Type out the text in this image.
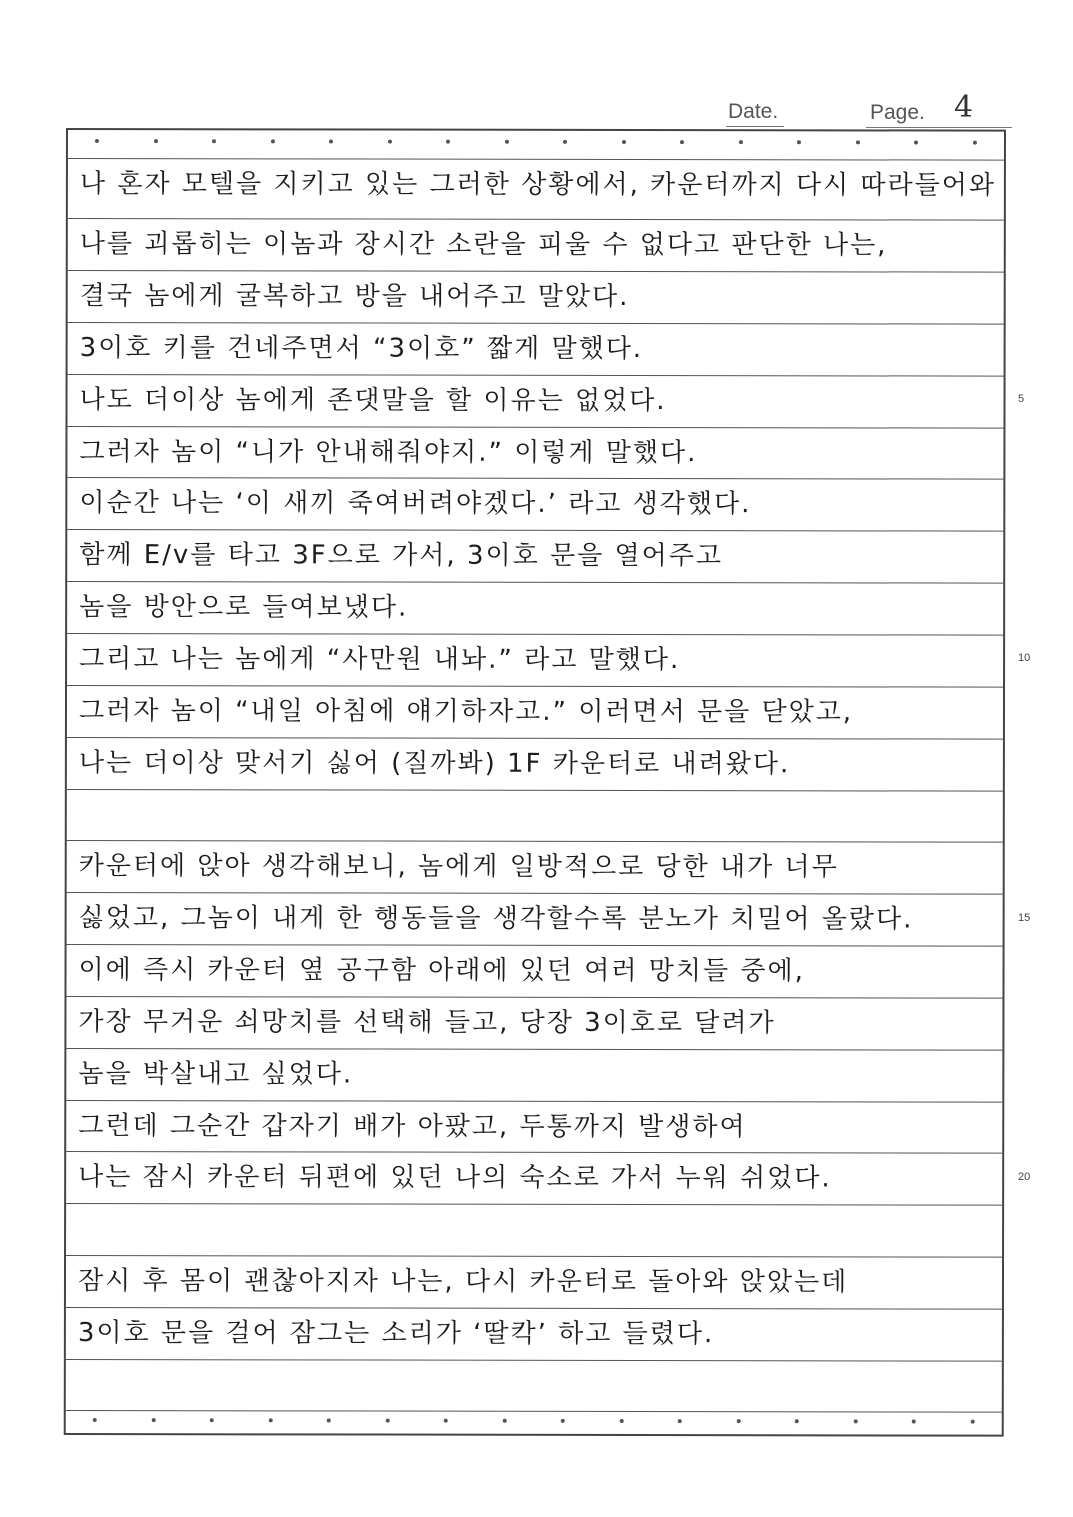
Date.	Page. 4
나 혼자 모텔을 지키고 있는 그러한 상황에서, 카운터까지 다시 따라들어와
나를 괴롭히는 이놈과 장시간 소란을 피울 수 없다고 판단한 나는,
결국 놈에게 굴복하고 방을 내어주고 말았다.
3이호 키를 건네주면서 “3이호” 짧게 말했다.
나도 더이상 놈에게 존댓말을 할 이유는 없었다.
그러자 놈이 “니가 안내해줘야지.” 이렇게 말했다.
이순간 나는 ‘이 새끼 죽여버려야겠다.’ 라고 생각했다.
함께 E/v를 타고 3F으로 가서, 3이호 문을 열어주고
놈을 방안으로 들여보냈다.
그리고 나는 놈에게 “사만원 내놔.” 라고 말했다.
그러자 놈이 “내일 아침에 얘기하자고.” 이러면서 문을 닫았고,
나는 더이상 맞서기 싫어 (질까봐) 1F 카운터로 내려왔다.
카운터에 앉아 생각해보니, 놈에게 일방적으로 당한 내가 너무
싫었고, 그놈이 내게 한 행동들을 생각할수록 분노가 치밀어 올랐다.
이에 즉시 카운터 옆 공구함 아래에 있던 여러 망치들 중에,
가장 무거운 쇠망치를 선택해 들고, 당장 3이호로 달려가
놈을 박살내고 싶었다.
그런데 그순간 갑자기 배가 아팠고, 두통까지 발생하여
나는 잠시 카운터 뒤편에 있던 나의 숙소로 가서 누워 쉬었다.
잠시 후 몸이 괜찮아지자 나는, 다시 카운터로 돌아와 앉았는데
3이호 문을 걸어 잠그는 소리가 ‘딸칵’ 하고 들렸다.
5
10
15
20
